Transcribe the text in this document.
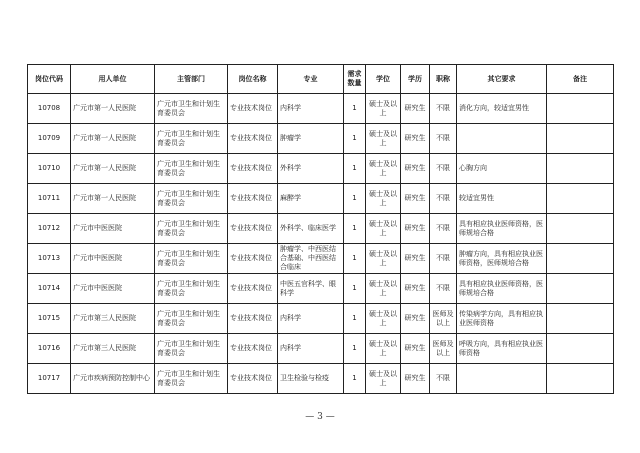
岗位代码	用人单位	主管部门	岗位名称	专业	需求数量	学位	学历	职称	其它要求	备注
10708	广元市第一人民医院	广元市卫生和计划生育委员会	专业技术岗位	内科学	1	硕士及以上	研究生	不限	消化方向，较适宜男性	
10709	广元市第一人民医院	广元市卫生和计划生育委员会	专业技术岗位	肿瘤学	1	硕士及以上	研究生	不限		
10710	广元市第一人民医院	广元市卫生和计划生育委员会	专业技术岗位	外科学	1	硕士及以上	研究生	不限	心胸方向	
10711	广元市第一人民医院	广元市卫生和计划生育委员会	专业技术岗位	麻醉学	1	硕士及以上	研究生	不限	较适宜男性	
10712	广元市中医医院	广元市卫生和计划生育委员会	专业技术岗位	外科学、临床医学	1	硕士及以上	研究生	不限	具有相应执业医师资格，医师规培合格	
10713	广元市中医医院	广元市卫生和计划生育委员会	专业技术岗位	肿瘤学、中西医结合基础、中西医结合临床	1	硕士及以上	研究生	不限	肿瘤方向，具有相应执业医师资格，医师规培合格	
10714	广元市中医医院	广元市卫生和计划生育委员会	专业技术岗位	中医五官科学、眼科学	1	硕士及以上	研究生	不限	具有相应执业医师资格，医师规培合格	
10715	广元市第三人民医院	广元市卫生和计划生育委员会	专业技术岗位	内科学	1	硕士及以上	研究生	医师及以上	传染病学方向，具有相应执业医师资格	
10716	广元市第三人民医院	广元市卫生和计划生育委员会	专业技术岗位	内科学	1	硕士及以上	研究生	医师及以上	呼吸方向，具有相应执业医师资格	
10717	广元市疾病预防控制中心	广元市卫生和计划生育委员会	专业技术岗位	卫生检验与检疫	1	硕士及以上	研究生	不限		
— 3 —
